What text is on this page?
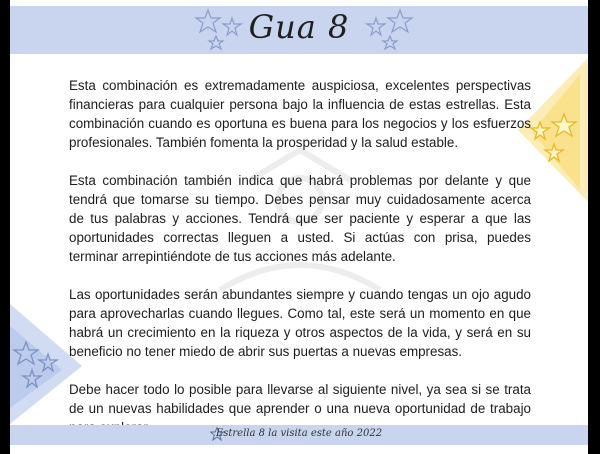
Gua 8

Esta combinación es extremadamente auspiciosa, excelentes perspectivas financieras para cualquier persona bajo la influencia de estas estrellas. Esta combinación cuando es oportuna es buena para los negocios y los esfuerzos profesionales. También fomenta la prosperidad y la salud estable.

Esta combinación también indica que habrá problemas por delante y que tendrá que tomarse su tiempo. Debes pensar muy cuidadosamente acerca de tus palabras y acciones. Tendrá que ser paciente y esperar a que las oportunidades correctas lleguen a usted. Si actúas con prisa, puedes terminar arrepintiéndote de tus acciones más adelante.

Las oportunidades serán abundantes siempre y cuando tengas un ojo agudo para aprovecharlas cuando llegues. Como tal, este será un momento en que habrá un crecimiento en la riqueza y otros aspectos de la vida, y será en su beneficio no tener miedo de abrir sus puertas a nuevas empresas.

Debe hacer todo lo posible para llevarse al siguiente nivel, ya sea si se trata de un nuevas habilidades que aprender o una nueva oportunidad de trabajo

Estrella 8 la visita este año 2022
